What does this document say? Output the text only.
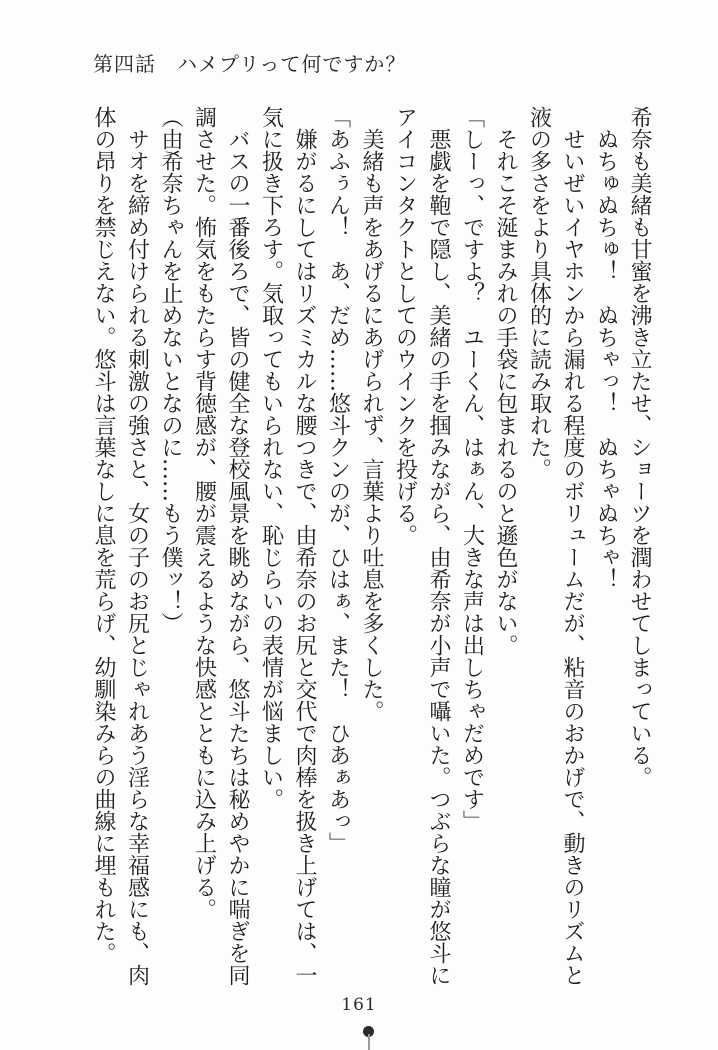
第四話　ハメプリって何ですか？

希奈も美緒も甘蜜を沸き立たせ、ショーツを潤わせてしまっている。

　ぬちゅぬちゅ！　ぬちゃっ！　ぬちゃぬちゃ！

　せいぜいイヤホンから漏れる程度のボリュームだが、粘音のおかげで、動きのリズムと

液の多さをより具体的に読み取れた。

　それこそ涎まみれの手袋に包まれるのと遜色がない。

「しーっ、ですよ？　ユーくん、はぁん、大きな声は出しちゃだめです」

　悪戯を鞄で隠し、美緒の手を掴みながら、由希奈が小声で囁いた。つぶらな瞳が悠斗に

アイコンタクトとしてのウインクを投げる。

　美緒も声をあげるにあげられず、言葉より吐息を多くした。

「あふぅん！　あ、だめ……悠斗クンのが、ひはぁ、また！　ひあぁあっ」

　嫌がるにしてはリズミカルな腰つきで、由希奈のお尻と交代で肉棒を扱き上げては、一

気に扱き下ろす。気取ってもいられない、恥じらいの表情が悩ましい。

　バスの一番後ろで、皆の健全な登校風景を眺めながら、悠斗たちは秘めやかに喘ぎを同

調させた。怖気をもたらす背徳感が、腰が震えるような快感とともに込み上げる。

（由希奈ちゃんを止めないとなのに……もう僕ッ！）

　サオを締め付けられる刺激の強さと、女の子のお尻とじゃれあう淫らな幸福感にも、肉

体の昂りを禁じえない。悠斗は言葉なしに息を荒らげ、幼馴染みらの曲線に埋もれた。

161
